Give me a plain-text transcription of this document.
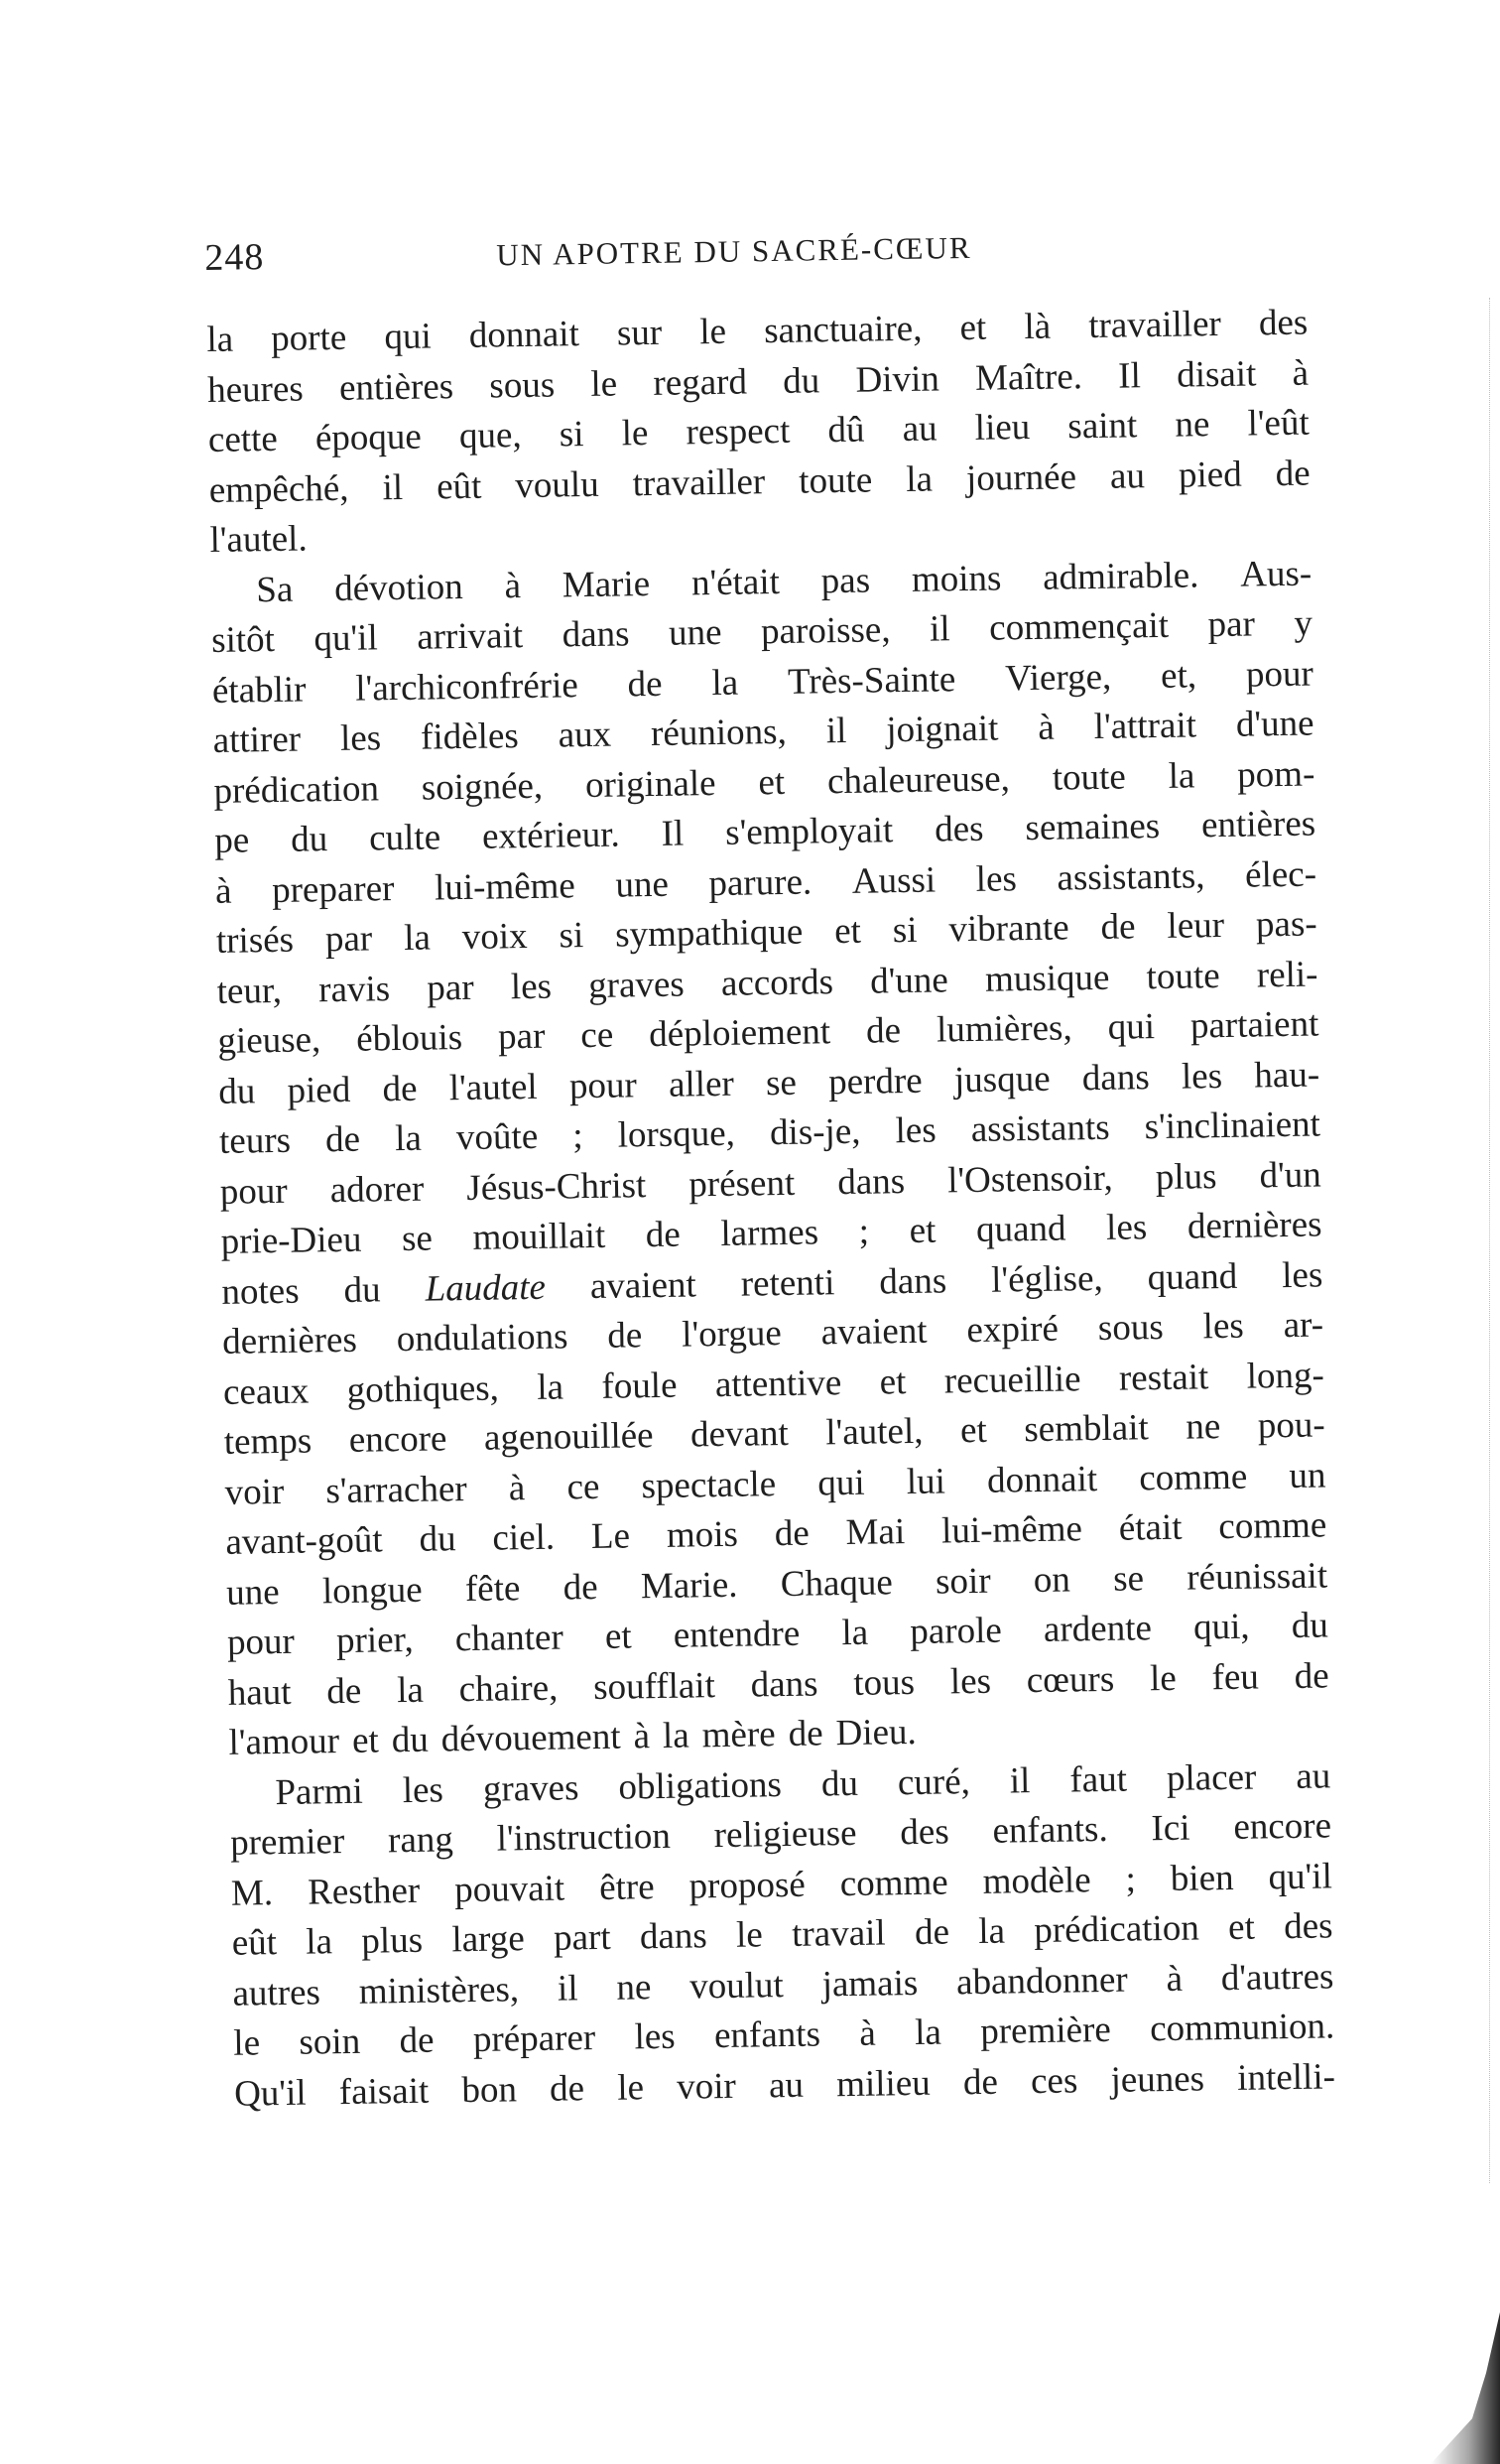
248	UN APOTRE DU SACRÉ-CŒUR
la porte qui donnait sur le sanctuaire, et là travailler des
heures entières sous le regard du Divin Maître. Il disait à
cette époque que, si le respect dû au lieu saint ne l'eût
empêché, il eût voulu travailler toute la journée au pied de
l'autel.
Sa dévotion à Marie n'était pas moins admirable. Aus-
sitôt qu'il arrivait dans une paroisse, il commençait par y
établir l'archiconfrérie de la Très-Sainte Vierge, et, pour
attirer les fidèles aux réunions, il joignait à l'attrait d'une
prédication soignée, originale et chaleureuse, toute la pom-
pe du culte extérieur. Il s'employait des semaines entières
à preparer lui-même une parure. Aussi les assistants, élec-
trisés par la voix si sympathique et si vibrante de leur pas-
teur, ravis par les graves accords d'une musique toute reli-
gieuse, éblouis par ce déploiement de lumières, qui partaient
du pied de l'autel pour aller se perdre jusque dans les hau-
teurs de la voûte ; lorsque, dis-je, les assistants s'inclinaient
pour adorer Jésus-Christ présent dans l'Ostensoir, plus d'un
prie-Dieu se mouillait de larmes ; et quand les dernières
notes du Laudate avaient retenti dans l'église, quand les
dernières ondulations de l'orgue avaient expiré sous les ar-
ceaux gothiques, la foule attentive et recueillie restait long-
temps encore agenouillée devant l'autel, et semblait ne pou-
voir s'arracher à ce spectacle qui lui donnait comme un
avant-goût du ciel. Le mois de Mai lui-même était comme
une longue fête de Marie. Chaque soir on se réunissait
pour prier, chanter et entendre la parole ardente qui, du
haut de la chaire, soufflait dans tous les cœurs le feu de
l'amour et du dévouement à la mère de Dieu.
Parmi les graves obligations du curé, il faut placer au
premier rang l'instruction religieuse des enfants. Ici encore
M. Resther pouvait être proposé comme modèle ; bien qu'il
eût la plus large part dans le travail de la prédication et des
autres ministères, il ne voulut jamais abandonner à d'autres
le soin de préparer les enfants à la première communion.
Qu'il faisait bon de le voir au milieu de ces jeunes intelli-
